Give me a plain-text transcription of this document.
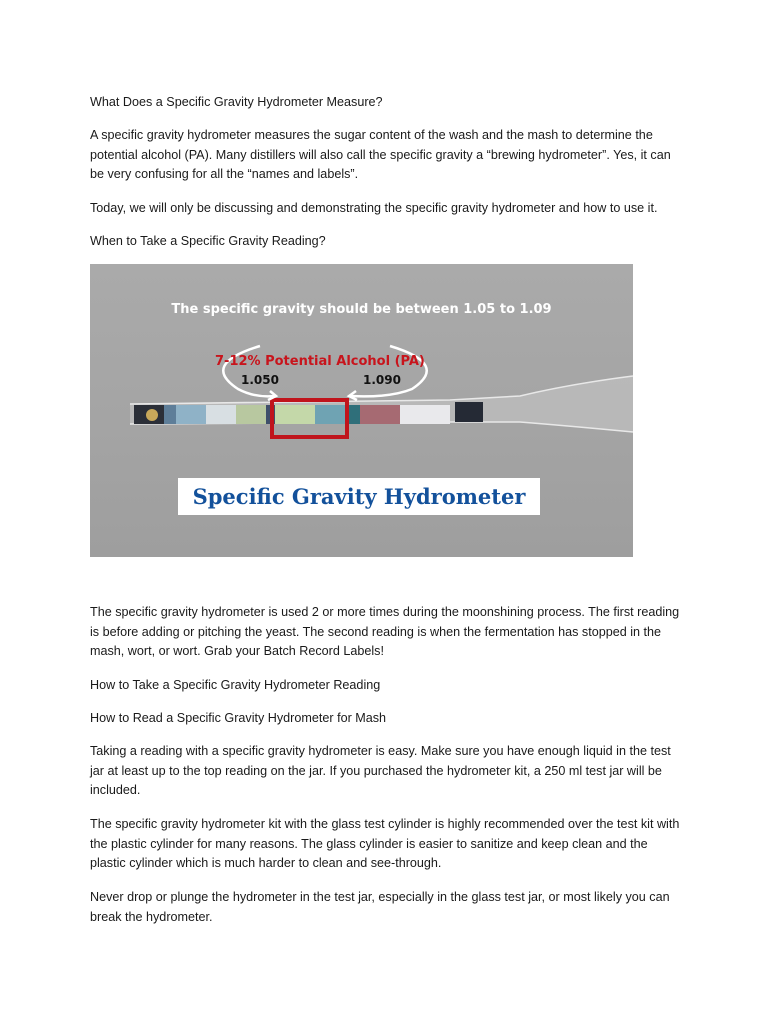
What Does a Specific Gravity Hydrometer Measure?

A specific gravity hydrometer measures the sugar content of the wash and the mash to determine the potential alcohol (PA). Many distillers will also call the specific gravity a “brewing hydrometer”. Yes, it can be very confusing for all the “names and labels”.

Today, we will only be discussing and demonstrating the specific gravity hydrometer and how to use it.

When to Take a Specific Gravity Reading?

The specific gravity should be between 1.05 to 1.09
7-12% Potential Alcohol (PA)
1.050	1.090
Specific Gravity Hydrometer

The specific gravity hydrometer is used 2 or more times during the moonshining process. The first reading is before adding or pitching the yeast. The second reading is when the fermentation has stopped in the mash, wort, or wort. Grab your Batch Record Labels!

How to Take a Specific Gravity Hydrometer Reading

How to Read a Specific Gravity Hydrometer for Mash

Taking a reading with a specific gravity hydrometer is easy. Make sure you have enough liquid in the test jar at least up to the top reading on the jar. If you purchased the hydrometer kit, a 250 ml test jar will be included.

The specific gravity hydrometer kit with the glass test cylinder is highly recommended over the test kit with the plastic cylinder for many reasons. The glass cylinder is easier to sanitize and keep clean and the plastic cylinder which is much harder to clean and see-through.

Never drop or plunge the hydrometer in the test jar, especially in the glass test jar, or most likely you can break the hydrometer.
